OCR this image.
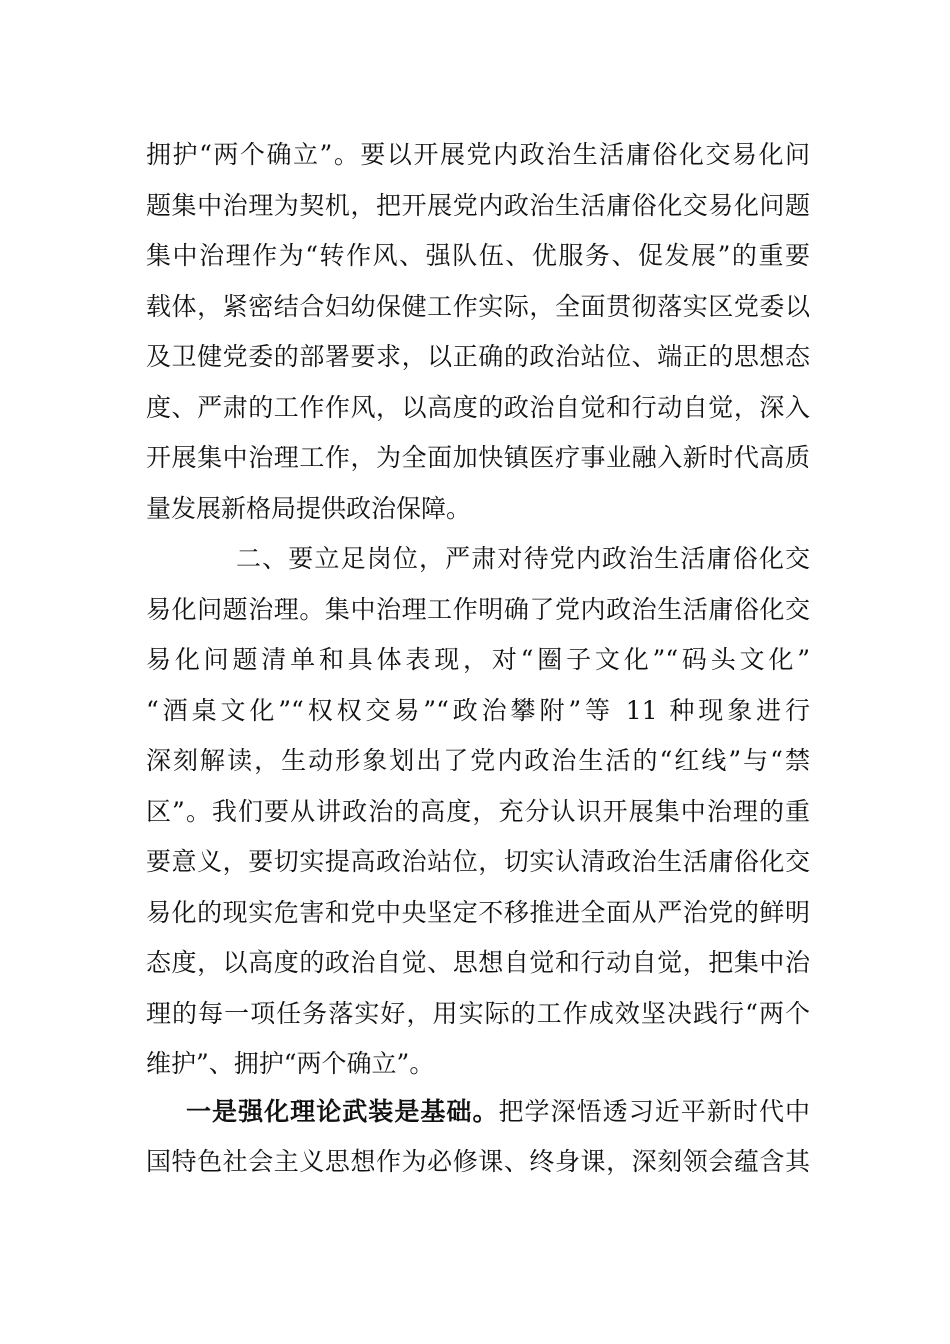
拥护“两个确立”。要以开展党内政治生活庸俗化交易化问
题集中治理为契机，把开展党内政治生活庸俗化交易化问题
集中治理作为“转作风、强队伍、优服务、促发展”的重要
载体，紧密结合妇幼保健工作实际，全面贯彻落实区党委以
及卫健党委的部署要求，以正确的政治站位、端正的思想态
度、严肃的工作作风，以高度的政治自觉和行动自觉，深入
开展集中治理工作，为全面加快镇医疗事业融入新时代高质
量发展新格局提供政治保障。
二、要立足岗位，严肃对待党内政治生活庸俗化交
易化问题治理。集中治理工作明确了党内政治生活庸俗化交
易化问题清单和具体表现，对“圈子文化”“码头文化”
“酒桌文化”“权权交易”“政治攀附”等 11 种现象进行
深刻解读，生动形象划出了党内政治生活的“红线”与“禁
区”。我们要从讲政治的高度，充分认识开展集中治理的重
要意义，要切实提高政治站位，切实认清政治生活庸俗化交
易化的现实危害和党中央坚定不移推进全面从严治党的鲜明
态度，以高度的政治自觉、思想自觉和行动自觉，把集中治
理的每一项任务落实好，用实际的工作成效坚决践行“两个
维护”、拥护“两个确立”。
一是强化理论武装是基础。把学深悟透习近平新时代中
国特色社会主义思想作为必修课、终身课，深刻领会蕴含其
